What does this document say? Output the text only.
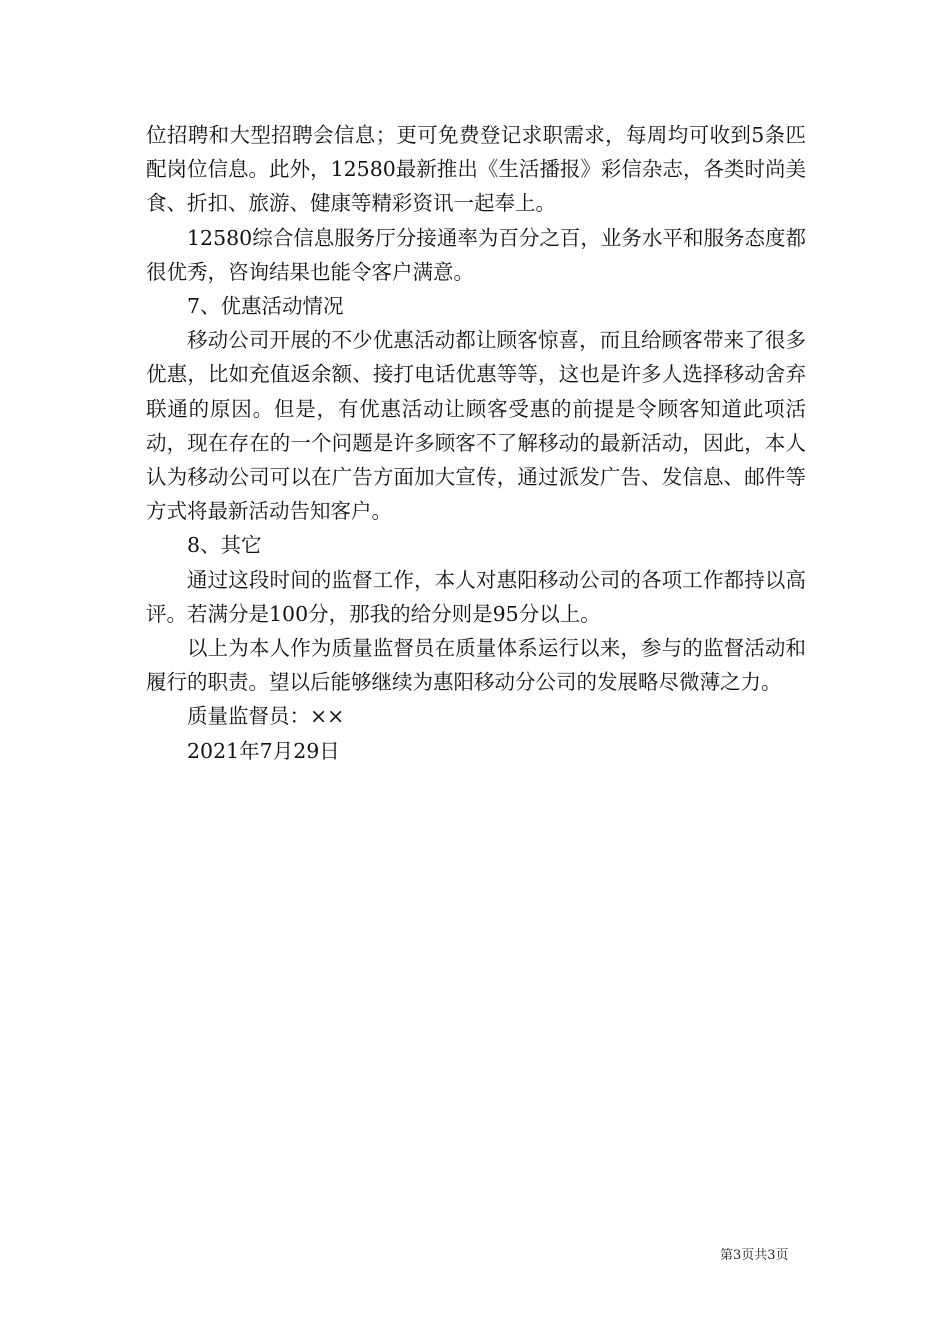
位招聘和大型招聘会信息；更可免费登记求职需求，每周均可收到5条匹配岗位信息。此外，12580最新推出《生活播报》彩信杂志，各类时尚美食、折扣、旅游、健康等精彩资讯一起奉上。

12580综合信息服务厅分接通率为百分之百，业务水平和服务态度都很优秀，咨询结果也能令客户满意。

7、优惠活动情况

移动公司开展的不少优惠活动都让顾客惊喜，而且给顾客带来了很多优惠，比如充值返余额、接打电话优惠等等，这也是许多人选择移动舍弃联通的原因。但是，有优惠活动让顾客受惠的前提是令顾客知道此项活动，现在存在的一个问题是许多顾客不了解移动的最新活动，因此，本人认为移动公司可以在广告方面加大宣传，通过派发广告、发信息、邮件等方式将最新活动告知客户。

8、其它

通过这段时间的监督工作，本人对惠阳移动公司的各项工作都持以高评。若满分是100分，那我的给分则是95分以上。

以上为本人作为质量监督员在质量体系运行以来，参与的监督活动和履行的职责。望以后能够继续为惠阳移动分公司的发展略尽微薄之力。

质量监督员：××

2021年7月29日

第3页共3页
